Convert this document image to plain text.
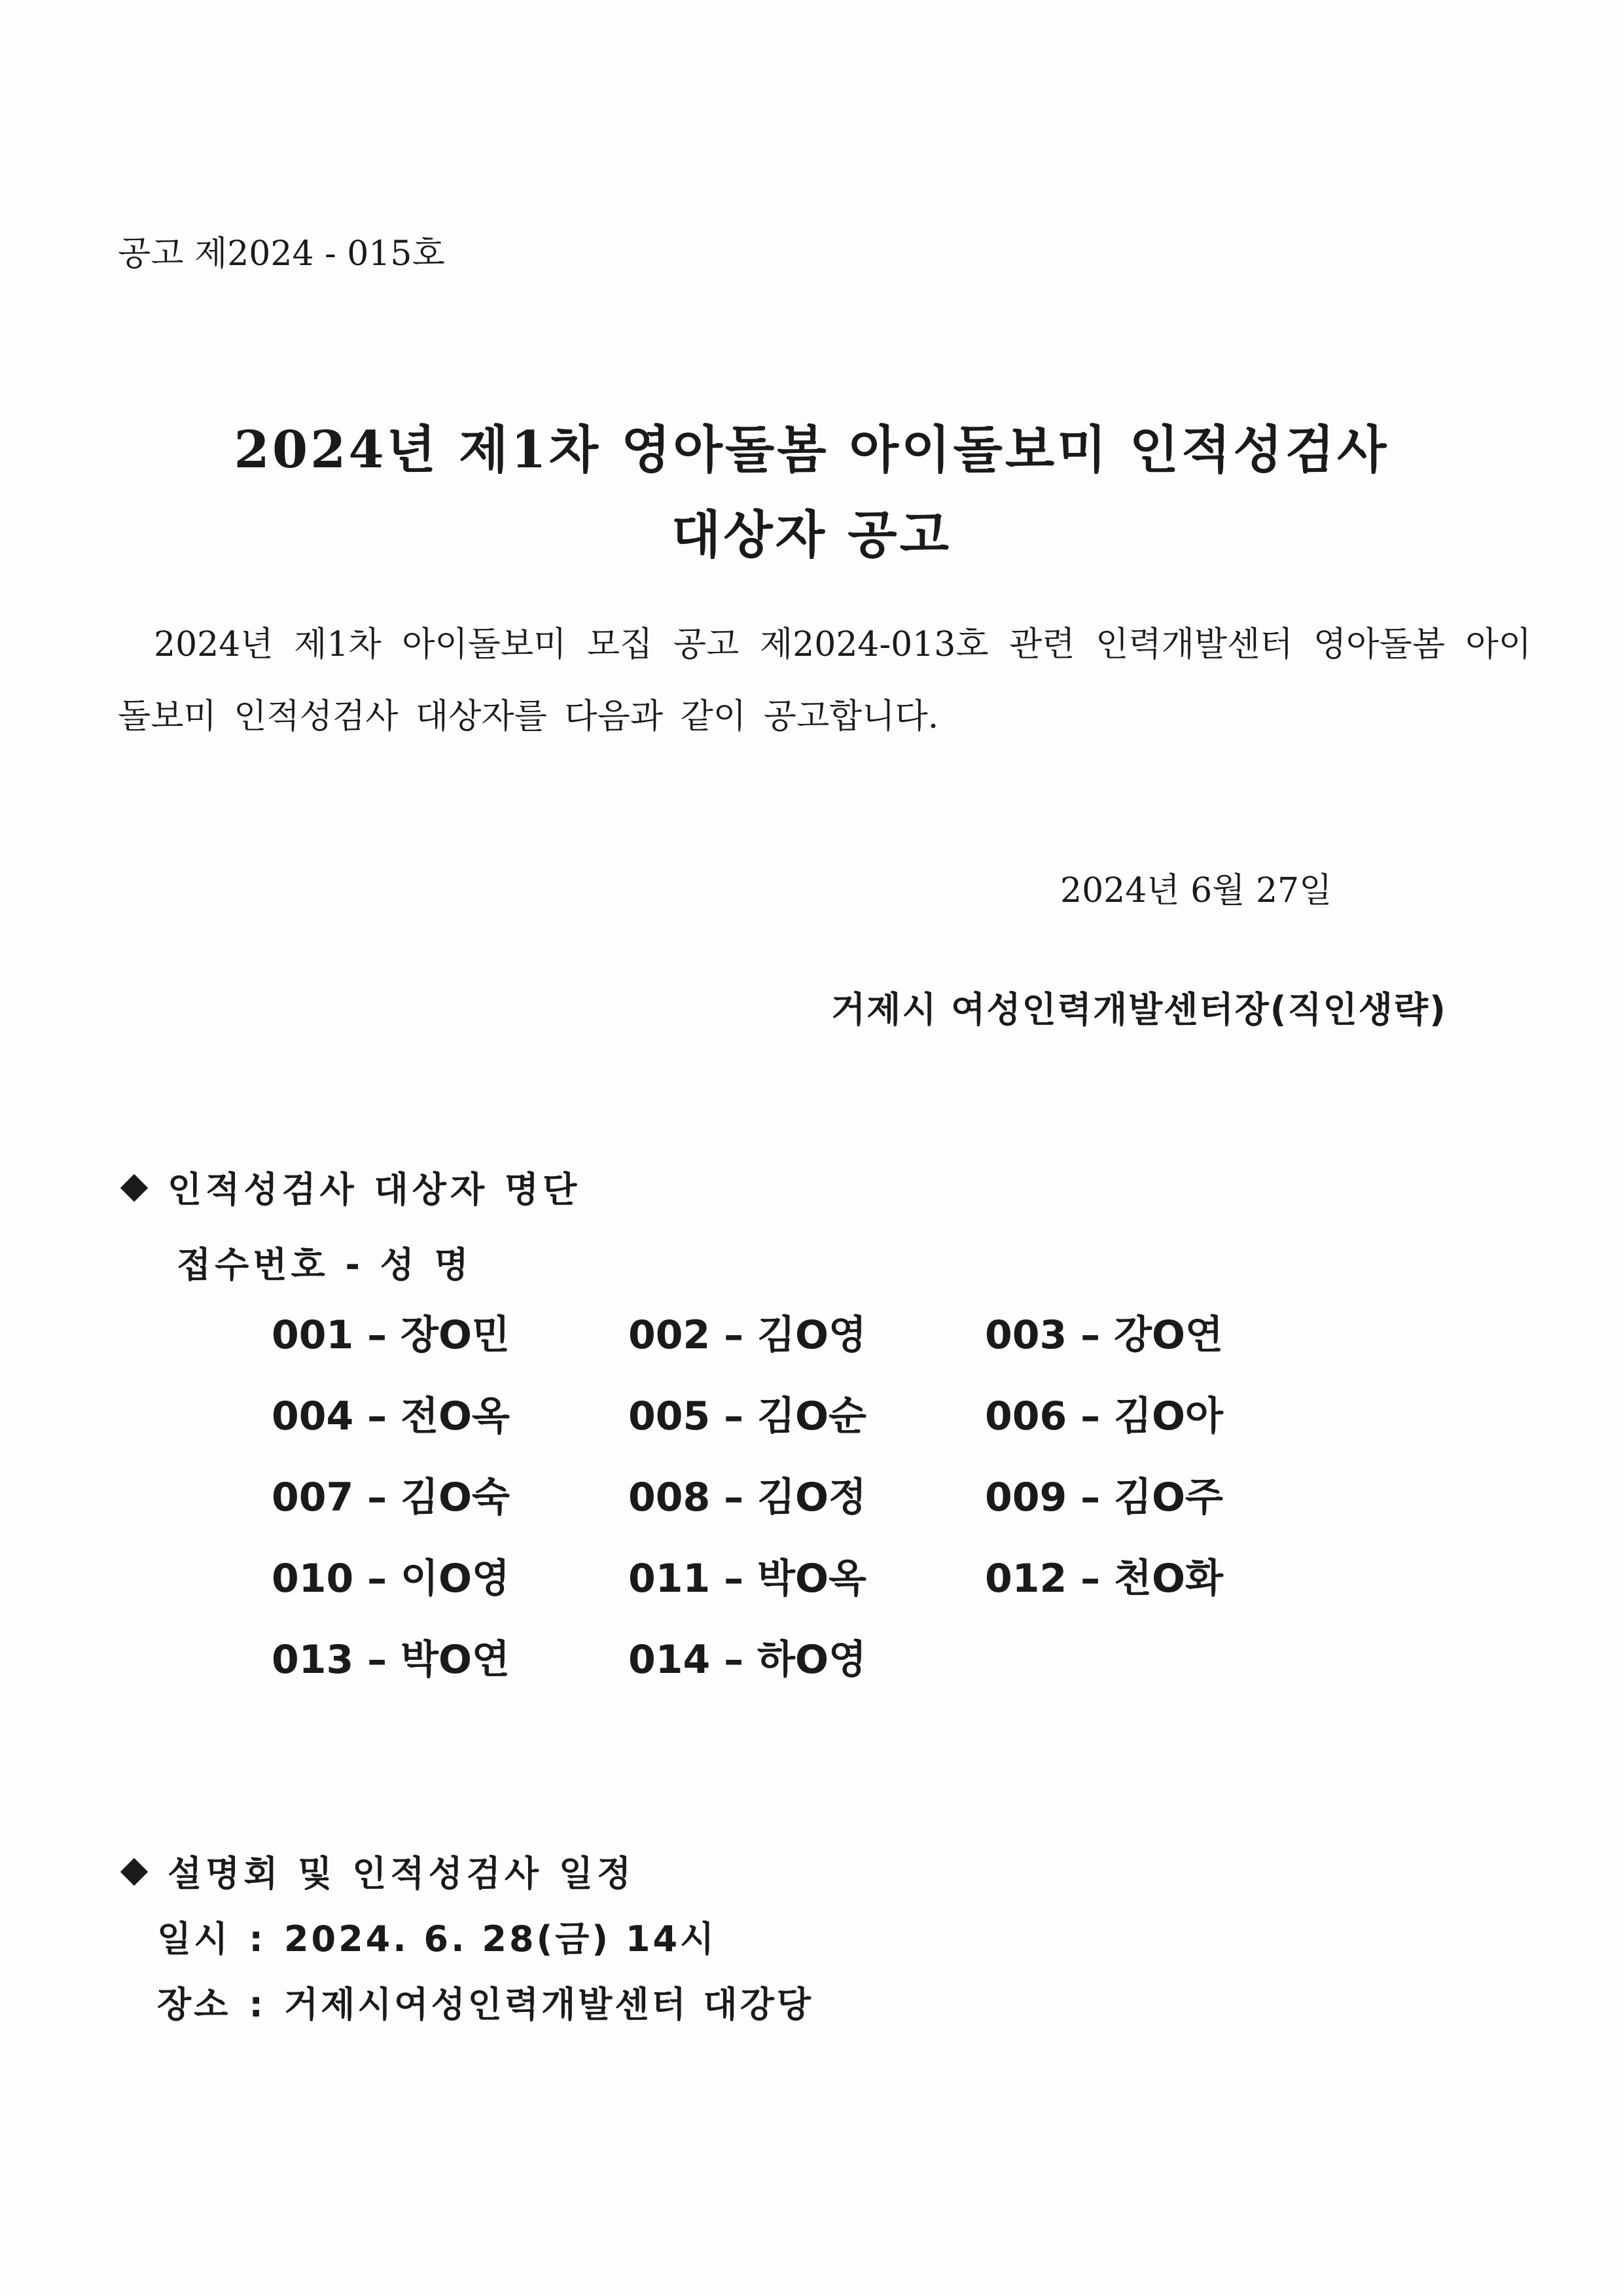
공고 제2024 - 015호
2024년 제1차 영아돌봄 아이돌보미 인적성검사
대상자 공고
2024년 제1차 아이돌보미 모집 공고 제2024-013호 관련 인력개발센터 영아돌봄 아이돌보미 인적성검사 대상자를 다음과 같이 공고합니다.
2024년 6월 27일
거제시 여성인력개발센터장(직인생략)
인적성검사 대상자 명단
접수번호 - 성 명
001 – 장O민	002 – 김O영	003 – 강O연
004 – 전O옥	005 – 김O순	006 – 김O아
007 – 김O숙	008 – 김O정	009 – 김O주
010 – 이O영	011 – 박O옥	012 – 천O화
013 – 박O연	014 – 하O영
설명회 및 인적성검사 일정
일시 : 2024. 6. 28(금) 14시
장소 : 거제시여성인력개발센터 대강당
